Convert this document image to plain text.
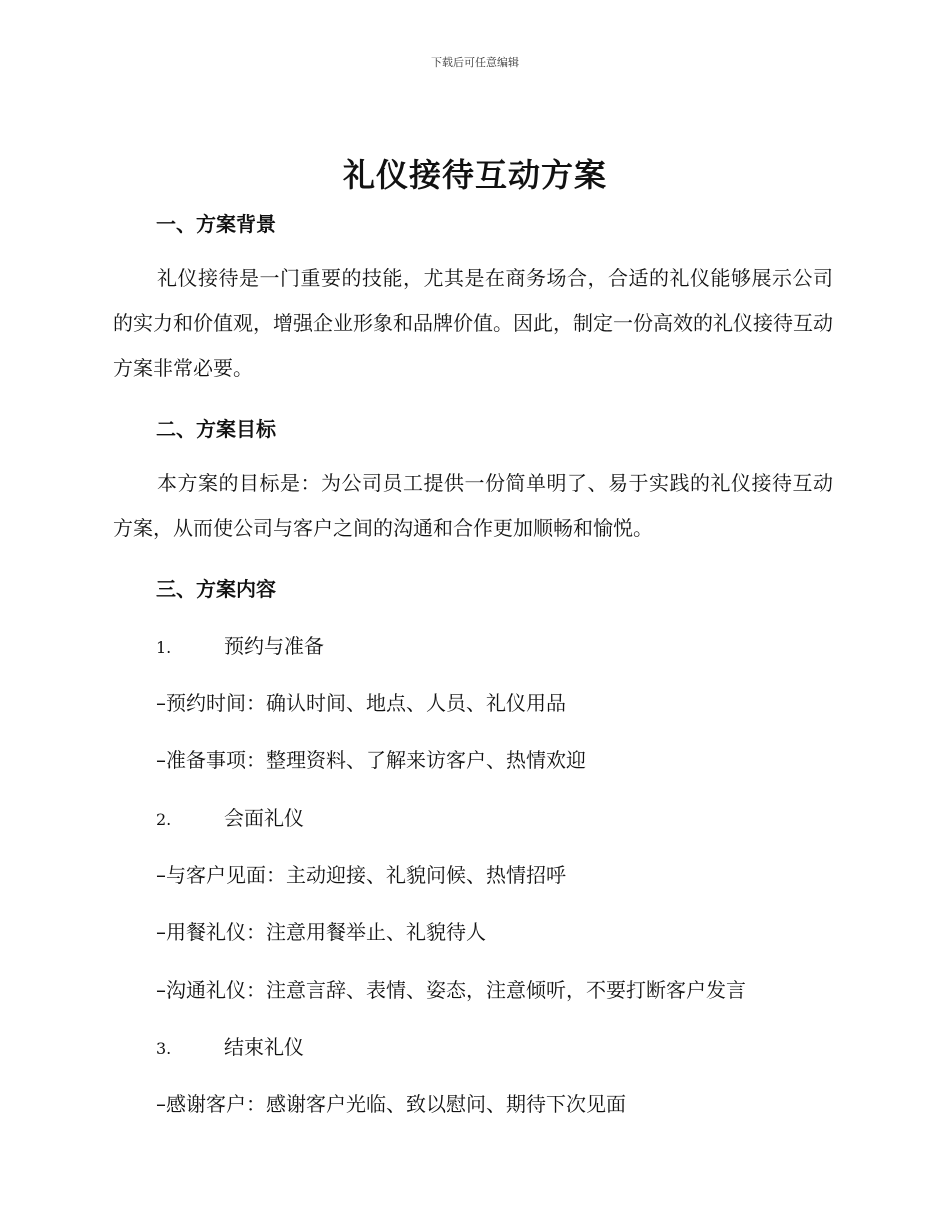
下载后可任意编辑
礼仪接待互动方案
一、方案背景
礼仪接待是一门重要的技能，尤其是在商务场合，合适的礼仪能够展示公司的实力和价值观，增强企业形象和品牌价值。因此，制定一份高效的礼仪接待互动方案非常必要。
二、方案目标
本方案的目标是：为公司员工提供一份简单明了、易于实践的礼仪接待互动方案，从而使公司与客户之间的沟通和合作更加顺畅和愉悦。
三、方案内容
1.	预约与准备
–预约时间：确认时间、地点、人员、礼仪用品
–准备事项：整理资料、了解来访客户、热情欢迎
2.	会面礼仪
–与客户见面：主动迎接、礼貌问候、热情招呼
–用餐礼仪：注意用餐举止、礼貌待人
–沟通礼仪：注意言辞、表情、姿态，注意倾听，不要打断客户发言
3.	结束礼仪
–感谢客户：感谢客户光临、致以慰问、期待下次见面
